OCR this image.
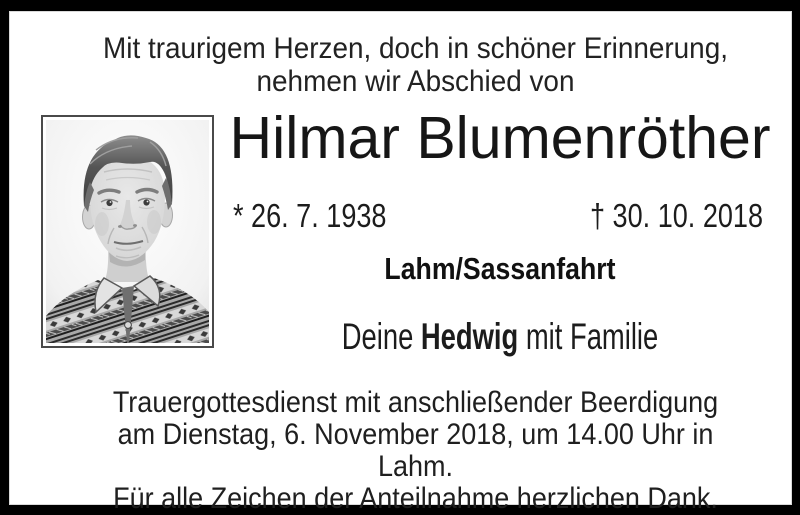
Mit traurigem Herzen, doch in schöner Erinnerung,
nehmen wir Abschied von
Hilmar Blumenröther
* 26. 7. 1938	† 30. 10. 2018
Lahm/Sassanfahrt
Deine Hedwig mit Familie
Trauergottesdienst mit anschließender Beerdigung
am Dienstag, 6. November 2018, um 14.00 Uhr in Lahm.
Für alle Zeichen der Anteilnahme herzlichen Dank.
